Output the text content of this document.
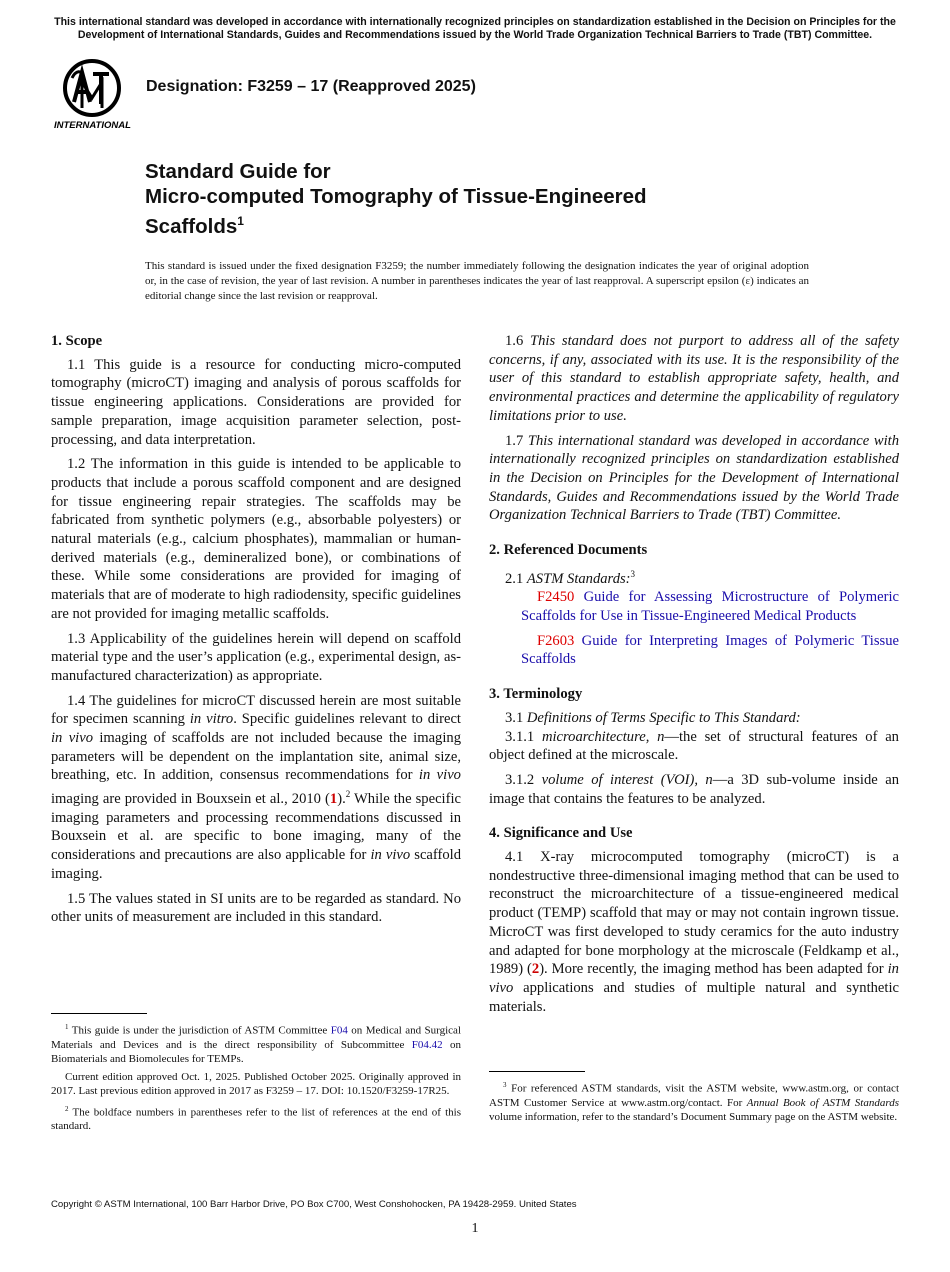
This international standard was developed in accordance with internationally recognized principles on standardization established in the Decision on Principles for the Development of International Standards, Guides and Recommendations issued by the World Trade Organization Technical Barriers to Trade (TBT) Committee.
INTERNATIONAL
Designation: F3259 – 17 (Reapproved 2025)
Standard Guide for
Micro-computed Tomography of Tissue-Engineered
Scaffolds$^1$
This standard is issued under the fixed designation F3259; the number immediately following the designation indicates the year of original adoption or, in the case of revision, the year of last revision. A number in parentheses indicates the year of last reapproval. A superscript epsilon (ε) indicates an editorial change since the last revision or reapproval.
1. Scope

1.1 This guide is a resource for conducting micro-computed tomography (microCT) imaging and analysis of porous scaffolds for tissue engineering applications. Considerations are provided for sample preparation, image acquisition parameter selection, post-processing, and data interpretation.

1.2 The information in this guide is intended to be applicable to products that include a porous scaffold component and are designed for tissue engineering repair strategies. The scaffolds may be fabricated from synthetic polymers (e.g., absorbable polyesters) or natural materials (e.g., calcium phosphates), mammalian or human-derived materials (e.g., demineralized bone), or combinations of these. While some considerations are provided for imaging of materials that are of moderate to high radiodensity, specific guidelines are not provided for imaging metallic scaffolds.

1.3 Applicability of the guidelines herein will depend on scaffold material type and the user’s application (e.g., experimental design, as-manufactured characterization) as appropriate.

1.4 The guidelines for microCT discussed herein are most suitable for specimen scanning in vitro. Specific guidelines relevant to direct in vivo imaging of scaffolds are not included because the imaging parameters will be dependent on the implantation site, animal size, breathing, etc. In addition, consensus recommendations for in vivo imaging are provided in Bouxsein et al., 2010 (1).$^2$ While the specific imaging parameters and processing recommendations discussed in Bouxsein et al. are specific to bone imaging, many of the considerations and precautions are also applicable for in vivo scaffold imaging.

1.5 The values stated in SI units are to be regarded as standard. No other units of measurement are included in this standard.

$^1$ This guide is under the jurisdiction of ASTM Committee F04 on Medical and Surgical Materials and Devices and is the direct responsibility of Subcommittee F04.42 on Biomaterials and Biomolecules for TEMPs.

Current edition approved Oct. 1, 2025. Published October 2025. Originally approved in 2017. Last previous edition approved in 2017 as F3259 – 17. DOI: 10.1520/F3259-17R25.

$^2$ The boldface numbers in parentheses refer to the list of references at the end of this standard.

1.6 This standard does not purport to address all of the safety concerns, if any, associated with its use. It is the responsibility of the user of this standard to establish appropriate safety, health, and environmental practices and determine the applicability of regulatory limitations prior to use.

1.7 This international standard was developed in accordance with internationally recognized principles on standardization established in the Decision on Principles for the Development of International Standards, Guides and Recommendations issued by the World Trade Organization Technical Barriers to Trade (TBT) Committee.

2. Referenced Documents

2.1 ASTM Standards:$^3$

F2450 Guide for Assessing Microstructure of Polymeric Scaffolds for Use in Tissue-Engineered Medical Products

F2603 Guide for Interpreting Images of Polymeric Tissue Scaffolds

3. Terminology

3.1 Definitions of Terms Specific to This Standard:

3.1.1 microarchitecture, n—the set of structural features of an object defined at the microscale.

3.1.2 volume of interest (VOI), n—a 3D sub-volume inside an image that contains the features to be analyzed.

4. Significance and Use

4.1 X-ray microcomputed tomography (microCT) is a nondestructive three-dimensional imaging method that can be used to reconstruct the microarchitecture of a tissue-engineered medical product (TEMP) scaffold that may or may not contain ingrown tissue. MicroCT was first developed to study ceramics for the auto industry and adapted for bone morphology at the microscale (Feldkamp et al., 1989) (2). More recently, the imaging method has been adapted for in vivo applications and studies of multiple natural and synthetic materials.

$^3$ For referenced ASTM standards, visit the ASTM website, www.astm.org, or contact ASTM Customer Service at www.astm.org/contact. For Annual Book of ASTM Standards volume information, refer to the standard’s Document Summary page on the ASTM website.

Copyright © ASTM International, 100 Barr Harbor Drive, PO Box C700, West Conshohocken, PA 19428-2959. United States
1
